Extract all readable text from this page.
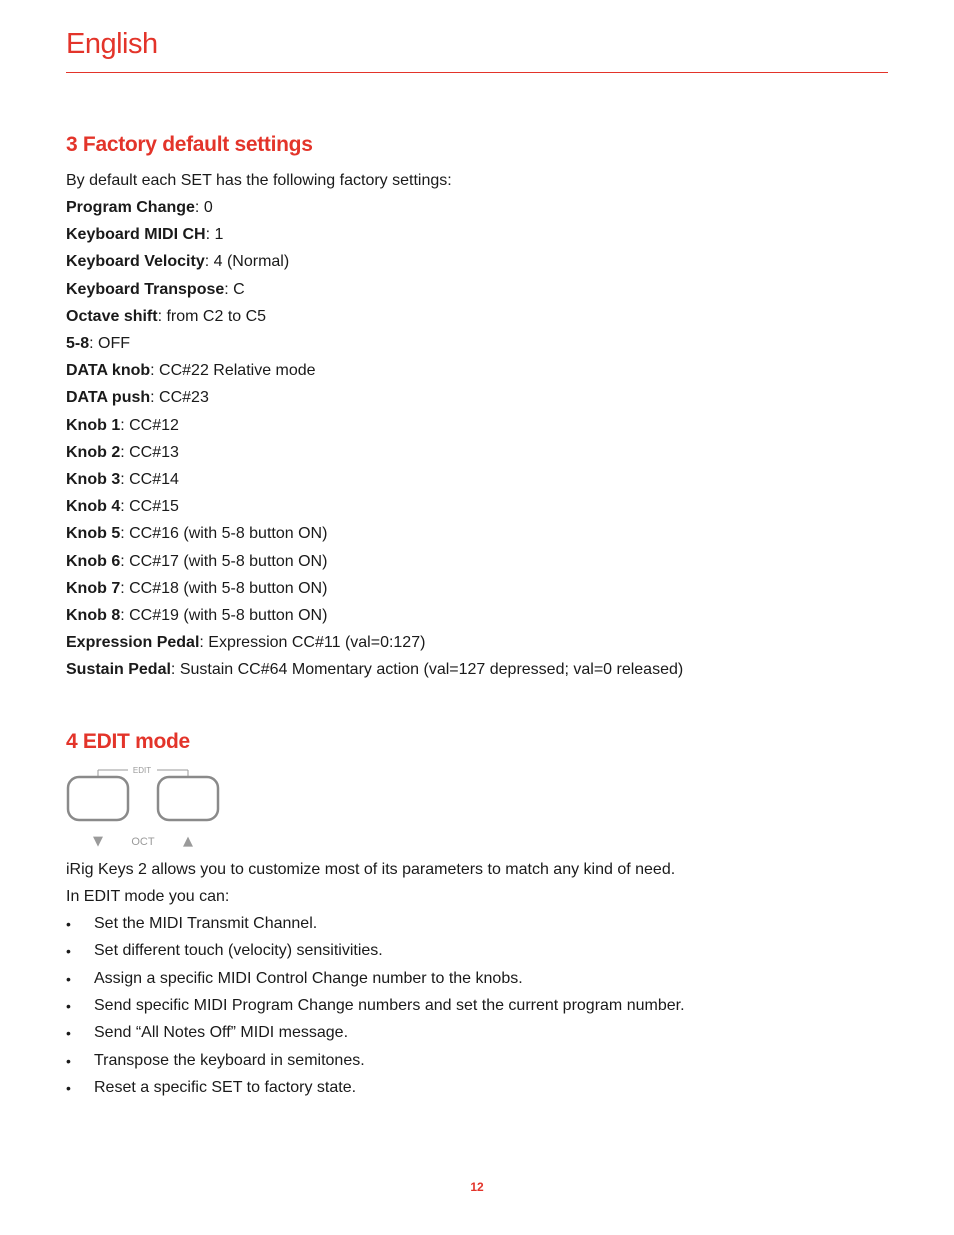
English
3 Factory default settings
By default each SET has the following factory settings:
Program Change: 0
Keyboard MIDI CH: 1
Keyboard Velocity: 4 (Normal)
Keyboard Transpose: C
Octave shift: from C2 to C5
5-8: OFF
DATA knob: CC#22 Relative mode
DATA push: CC#23
Knob 1: CC#12
Knob 2: CC#13
Knob 3: CC#14
Knob 4: CC#15
Knob 5: CC#16 (with 5-8 button ON)
Knob 6: CC#17 (with 5-8 button ON)
Knob 7: CC#18 (with 5-8 button ON)
Knob 8: CC#19 (with 5-8 button ON)
Expression Pedal: Expression CC#11 (val=0:127)
Sustain Pedal: Sustain CC#64 Momentary action (val=127 depressed; val=0 released)
4 EDIT mode
EDIT
▼	OCT ▲
iRig Keys 2 allows you to customize most of its parameters to match any kind of need.
In EDIT mode you can:
• Set the MIDI Transmit Channel.
• Set different touch (velocity) sensitivities.
• Assign a specific MIDI Control Change number to the knobs.
• Send specific MIDI Program Change numbers and set the current program number.
• Send “All Notes Off” MIDI message.
• Transpose the keyboard in semitones.
• Reset a specific SET to factory state.
12
